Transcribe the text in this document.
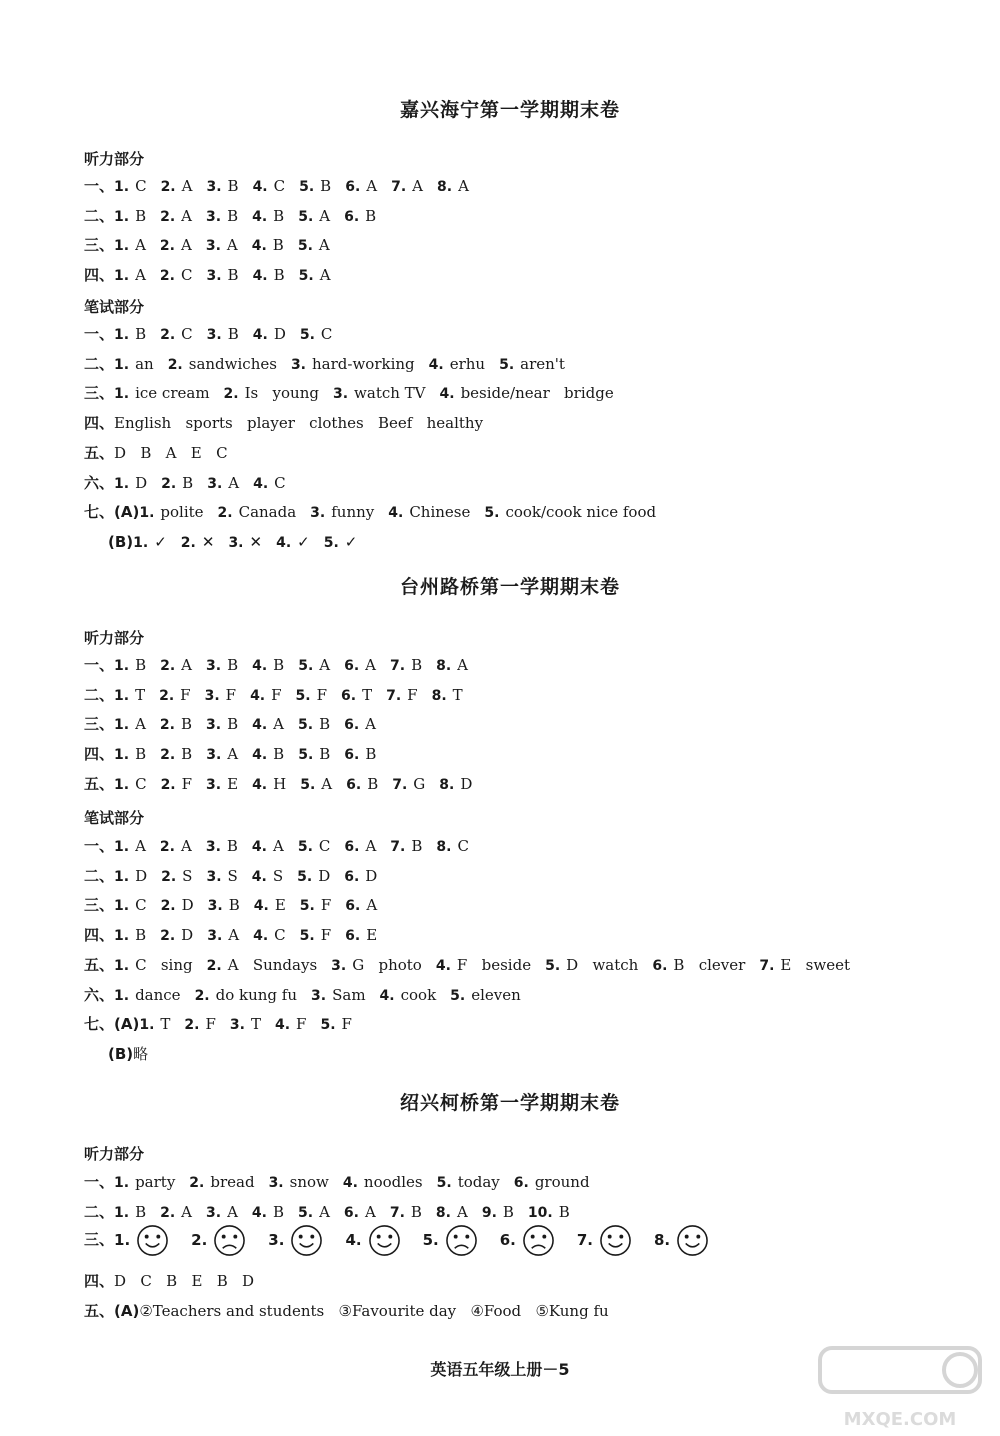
嘉兴海宁第一学期期末卷
听力部分
一、1. C 2. A 3. B 4. C 5. B 6. A 7. A 8. A
二、1. B 2. A 3. B 4. B 5. A 6. B
三、1. A 2. A 3. A 4. B 5. A
四、1. A 2. C 3. B 4. B 5. A
笔试部分
一、1. B 2. C 3. B 4. D 5. C
二、1. an 2. sandwiches 3. hard-working 4. erhu 5. aren't
三、1. ice cream 2. Is   young 3. watch TV 4. beside/near   bridge
四、English   sports   player   clothes   Beef   healthy
五、D   B   A   E   C
六、1. D 2. B 3. A 4. C
七、(A)1. polite 2. Canada 3. funny 4. Chinese 5. cook/cook nice food
(B)1. ✓ 2. ✕ 3. ✕ 4. ✓ 5. ✓
台州路桥第一学期期末卷
听力部分
一、1. B 2. A 3. B 4. B 5. A 6. A 7. B 8. A
二、1. T 2. F 3. F 4. F 5. F 6. T 7. F 8. T
三、1. A 2. B 3. B 4. A 5. B 6. A
四、1. B 2. B 3. A 4. B 5. B 6. B
五、1. C 2. F 3. E 4. H 5. A 6. B 7. G 8. D
笔试部分
一、1. A 2. A 3. B 4. A 5. C 6. A 7. B 8. C
二、1. D 2. S 3. S 4. S 5. D 6. D
三、1. C 2. D 3. B 4. E 5. F 6. A
四、1. B 2. D 3. A 4. C 5. F 6. E
五、1. C   sing 2. A   Sundays 3. G   photo 4. F   beside 5. D   watch 6. B   clever 7. E   sweet
六、1. dance 2. do kung fu 3. Sam 4. cook 5. eleven
七、(A)1. T 2. F 3. T 4. F 5. F
(B)略
绍兴柯桥第一学期期末卷
听力部分
一、1. party 2. bread 3. snow 4. noodles 5. today 6. ground
二、1. B 2. A 3. A 4. B 5. A 6. A 7. B 8. A 9. B 10. B
三、1.	2.	3.	4.	5.	6.	7.	8.
四、D   C   B   E   B   D
五、(A)②Teachers and students   ③Favourite day   ④Food   ⑤Kung fu
英语五年级上册－5
MXQE.COM
